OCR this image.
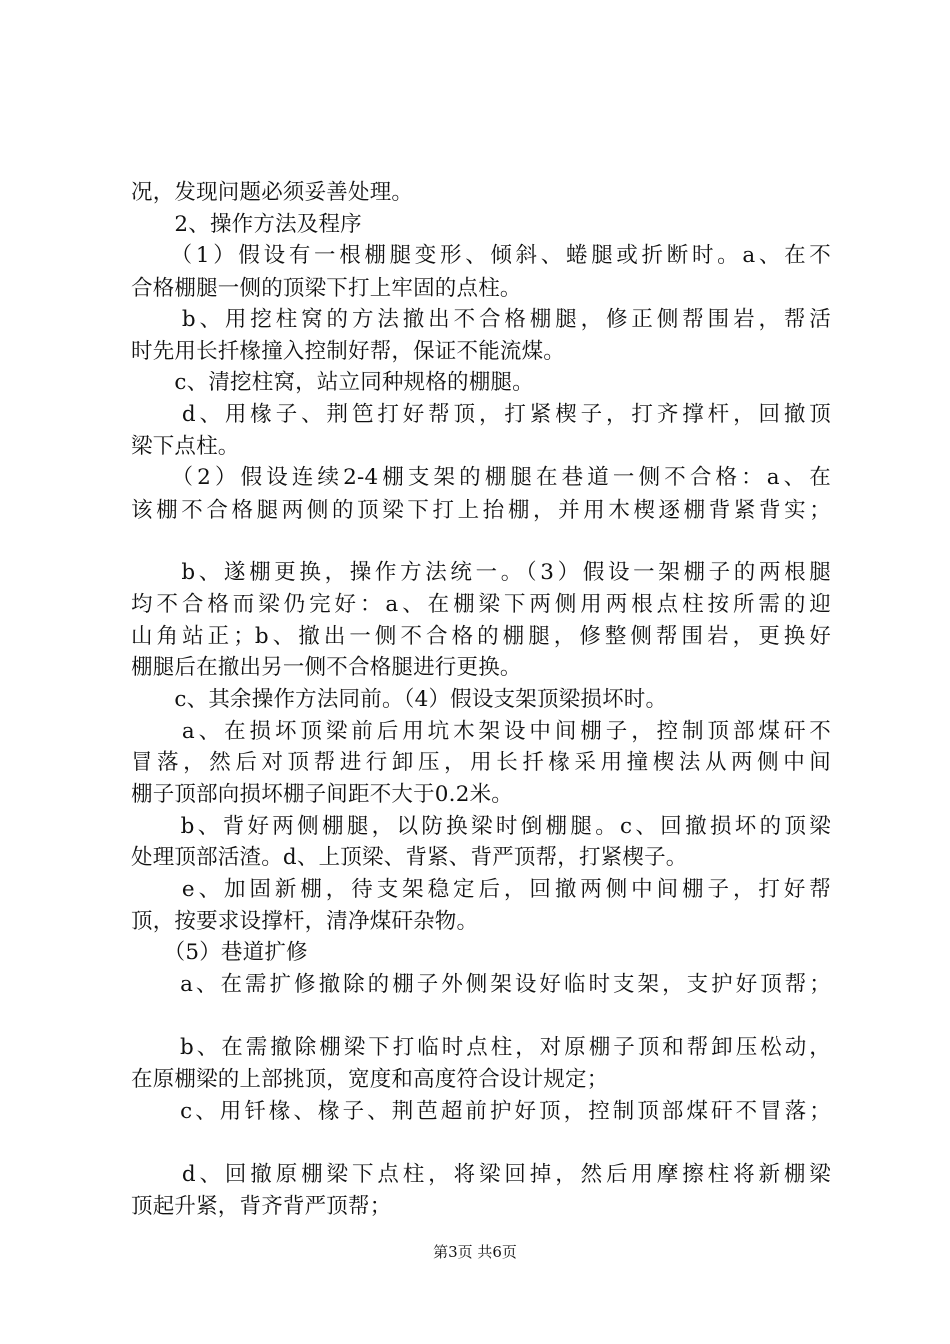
况，发现问题必须妥善处理。
　　2、操作方法及程序
　　（1）假设有一根棚腿变形、倾斜、蜷腿或折断时。a、在不
合格棚腿一侧的顶梁下打上牢固的点柱。
　　b、用挖柱窝的方法撤出不合格棚腿，修正侧帮围岩，帮活
时先用长扦椽撞入控制好帮，保证不能流煤。
　　c、清挖柱窝，站立同种规格的棚腿。
　　d、用椽子、荆笆打好帮顶，打紧楔子，打齐撑杆，回撤顶
梁下点柱。
　　（2）假设连续2-4棚支架的棚腿在巷道一侧不合格：a、在
该棚不合格腿两侧的顶梁下打上抬棚，并用木楔逐棚背紧背实；
　　b、遂棚更换，操作方法统一。（3）假设一架棚子的两根腿
均不合格而梁仍完好：a、在棚梁下两侧用两根点柱按所需的迎
山角站正；b、撤出一侧不合格的棚腿，修整侧帮围岩，更换好
棚腿后在撤出另一侧不合格腿进行更换。
　　c、其余操作方法同前。（4）假设支架顶梁损坏时。
　　a、在损坏顶梁前后用坑木架设中间棚子，控制顶部煤矸不
冒落，然后对顶帮进行卸压，用长扦椽采用撞楔法从两侧中间
棚子顶部向损坏棚子间距不大于0.2米。
　　b、背好两侧棚腿，以防换梁时倒棚腿。c、回撤损坏的顶梁
处理顶部活渣。d、上顶梁、背紧、背严顶帮，打紧楔子。
　　e、加固新棚，待支架稳定后，回撤两侧中间棚子，打好帮
顶，按要求设撑杆，清净煤矸杂物。
　　（5）巷道扩修
　　a、在需扩修撤除的棚子外侧架设好临时支架，支护好顶帮；
　　b、在需撤除棚梁下打临时点柱，对原棚子顶和帮卸压松动，
在原棚梁的上部挑顶，宽度和高度符合设计规定；
　　c、用钎椽、椽子、荆芭超前护好顶，控制顶部煤矸不冒落；
　　d、回撤原棚梁下点柱，将梁回掉，然后用摩擦柱将新棚梁
顶起升紧，背齐背严顶帮；
第3页 共6页
